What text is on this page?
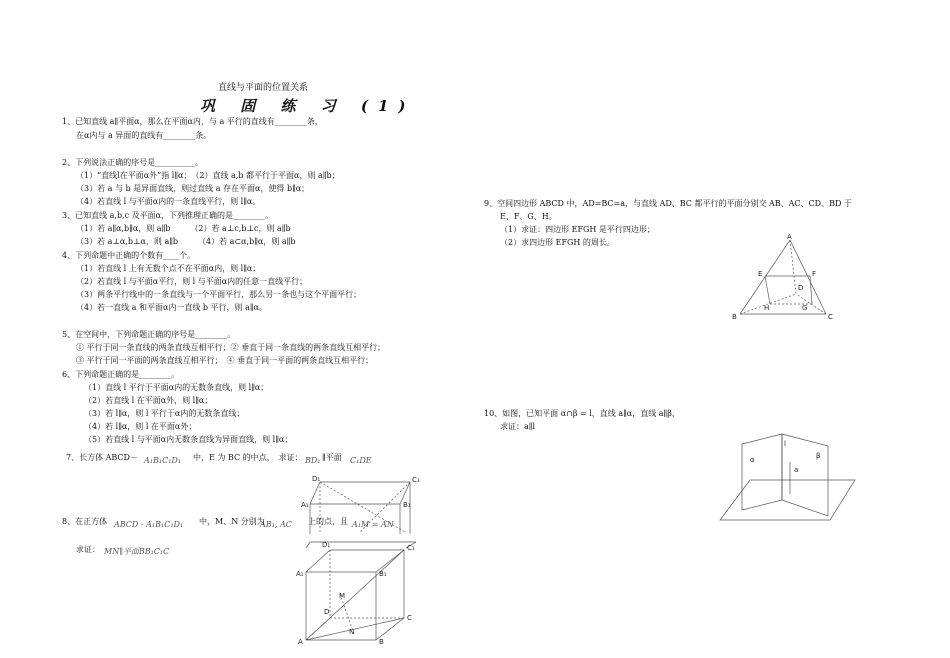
直线与平面的位置关系
巩 固 练 习 (1)
1、已知直线 a∥平面α，那么在平面α内，与 a 平行的直线有________条，
在α内与 a 异面的直线有________条。
2、下列说法正确的序号是__________。
（1）“直线l在平面α外”指 l∥α；　（2）直线 a,b 都平行于平面α，则 a∥b；
（3）若 a 与 b 是异面直线，则过直线 a 存在平面α，使得 b∥α；
（4）若直线 l 与平面α内的一条直线平行，则 l∥α。
3、已知直线 a,b,c 及平面α，下列推理正确的是________。
（1）若 a∥α,b∥α，则 a∥b　　　（2）若 a⊥c,b⊥c，则 a∥b
（3）若 a⊥α,b⊥α，则 a∥b　　　（4）若 a⊂α,b∥α，则 a∥b
4、下列命题中正确的个数有____个。
（1）若直线 l 上有无数个点不在平面α内，则 l∥α；
（2）若直线 l 与平面α平行，则 l 与平面α内的任意一直线平行；
（3）两条平行线中的一条直线与一个平面平行，那么另一条也与这个平面平行；
（4）若一直线 a 和平面α内一直线 b 平行，则 a∥α。
5、在空间中，下列命题正确的序号是________。
① 平行于同一条直线的两条直线互相平行；② 垂直于同一条直线的两条直线互相平行；
③ 平行于同一平面的两条直线互相平行；　④ 垂直于同一平面的两条直线互相平行；
6、下列命题正确的是________。
（1）直线 l 平行于平面α内的无数条直线，则 l∥α；
（2）若直线 l 在平面α外，则 l∥α；
（3）若 l∥α，则 l 平行于α内的无数条直线；
（4）若 l∥α，则 l 在平面α外；
（5）若直线 l 与平面α内无数条直线为异面直线，则 l∥α；
7、长方体 ABCD－ A₁B₁C₁D₁ 中，E 为 BC 的中点，　求证： BD₁ ∥平面 C₁DE
8、在正方体 ABCD - A₁B₁C₁D₁ 中，M、N 分别为
AB₁, AC 上的点，且 A₁M = AN
求证： MN∥平面BB₁C₁C
9、空间四边形 ABCD 中，AD=BC=a，与直线 AD、BC 都平行的平面分别交 AB、AC、CD、BD 于
E、F、G、H。
（1）求证：四边形 EFGH 是平行四边形；
（2）求四边形 EFGH 的周长。
10、如图，已知平面 α∩β = l，直线 a∥α，直线 a∥β，
求证：a∥l
D₁	C₁
A₁	B₁
D₁	C₁
A₁	B₁
D
C
A	B
M
N
A
E	F
D
H	G
B	C
α	β
l
a
